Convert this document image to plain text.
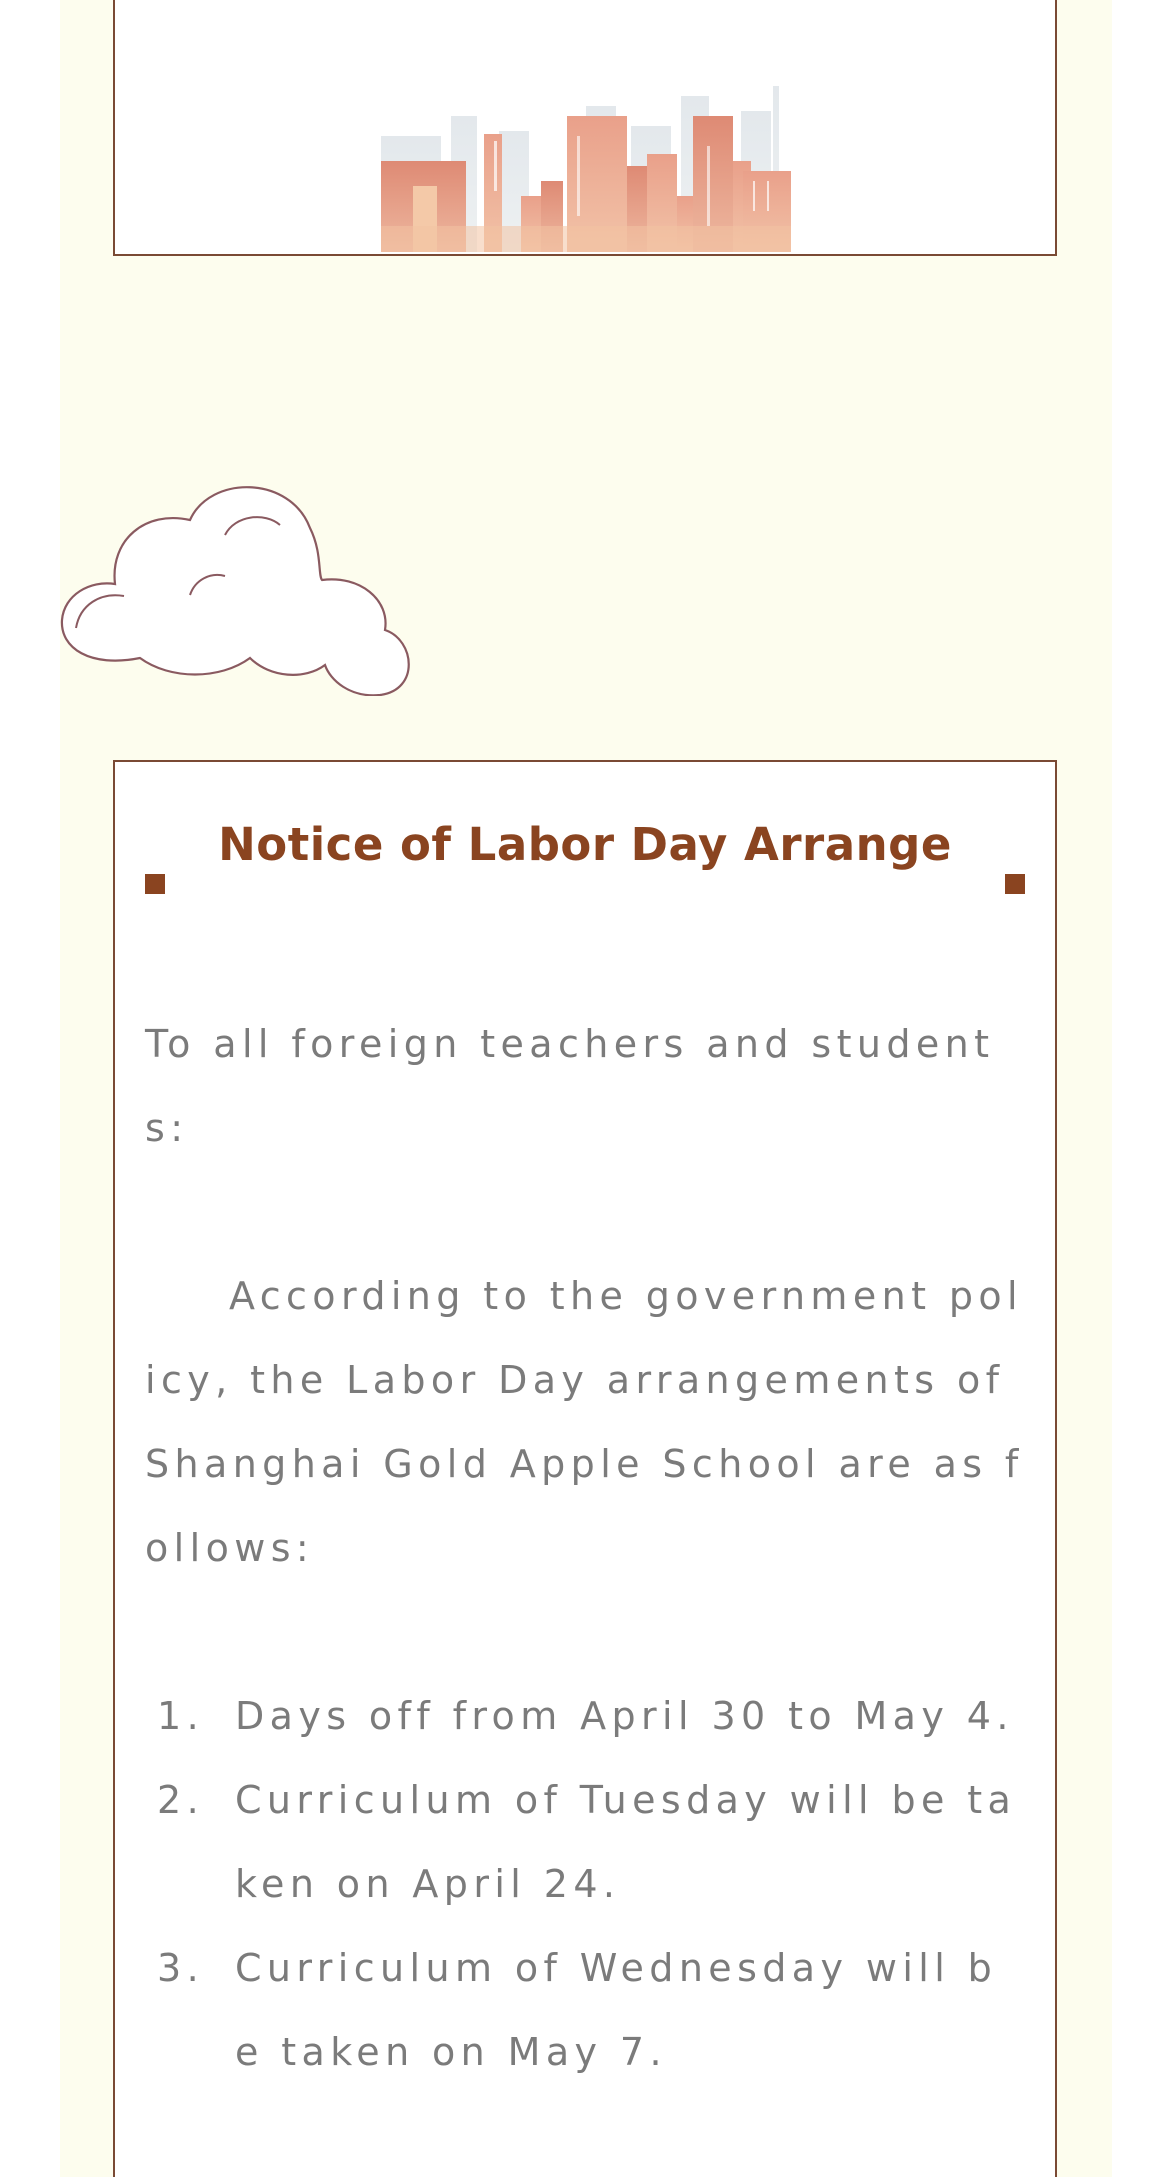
Notice of Labor Day Arrange

To all foreign teachers and students:

According to the government policy, the Labor Day arrangements of Shanghai Gold Apple School are as follows:

1. Days off from April 30 to May 4.
2. Curriculum of Tuesday will be taken on April 24.
3. Curriculum of Wednesday will be taken on May 7.
